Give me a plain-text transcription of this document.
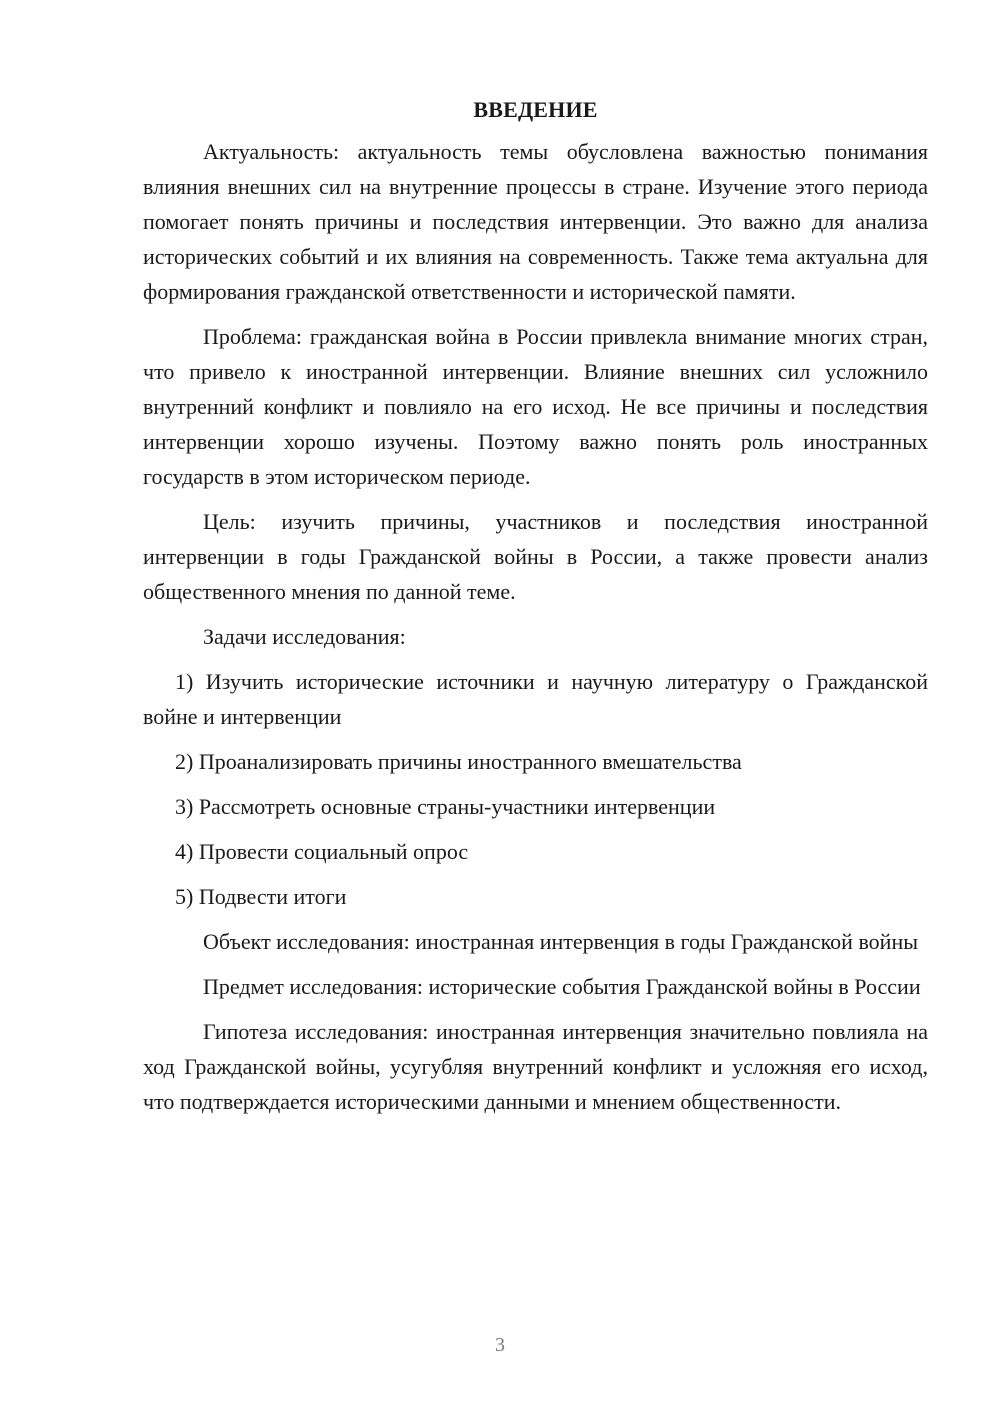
ВВЕДЕНИЕ

Актуальность: актуальность темы обусловлена важностью понимания влияния внешних сил на внутренние процессы в стране. Изучение этого периода помогает понять причины и последствия интервенции. Это важно для анализа исторических событий и их влияния на современность. Также тема актуальна для формирования гражданской ответственности и исторической памяти.

Проблема: гражданская война в России привлекла внимание многих стран, что привело к иностранной интервенции. Влияние внешних сил усложнило внутренний конфликт и повлияло на его исход. Не все причины и последствия интервенции хорошо изучены. Поэтому важно понять роль иностранных государств в этом историческом периоде.

Цель: изучить причины, участников и последствия иностранной интервенции в годы Гражданской войны в России, а также провести анализ общественного мнения по данной теме.

Задачи исследования:

1) Изучить исторические источники и научную литературу о Гражданской войне и интервенции

2) Проанализировать причины иностранного вмешательства

3) Рассмотреть основные страны-участники интервенции

4) Провести социальный опрос

5) Подвести итоги

Объект исследования: иностранная интервенция в годы Гражданской войны

Предмет исследования: исторические события Гражданской войны в России

Гипотеза исследования: иностранная интервенция значительно повлияла на ход Гражданской войны, усугубляя внутренний конфликт и усложняя его исход, что подтверждается историческими данными и мнением общественности.

3
